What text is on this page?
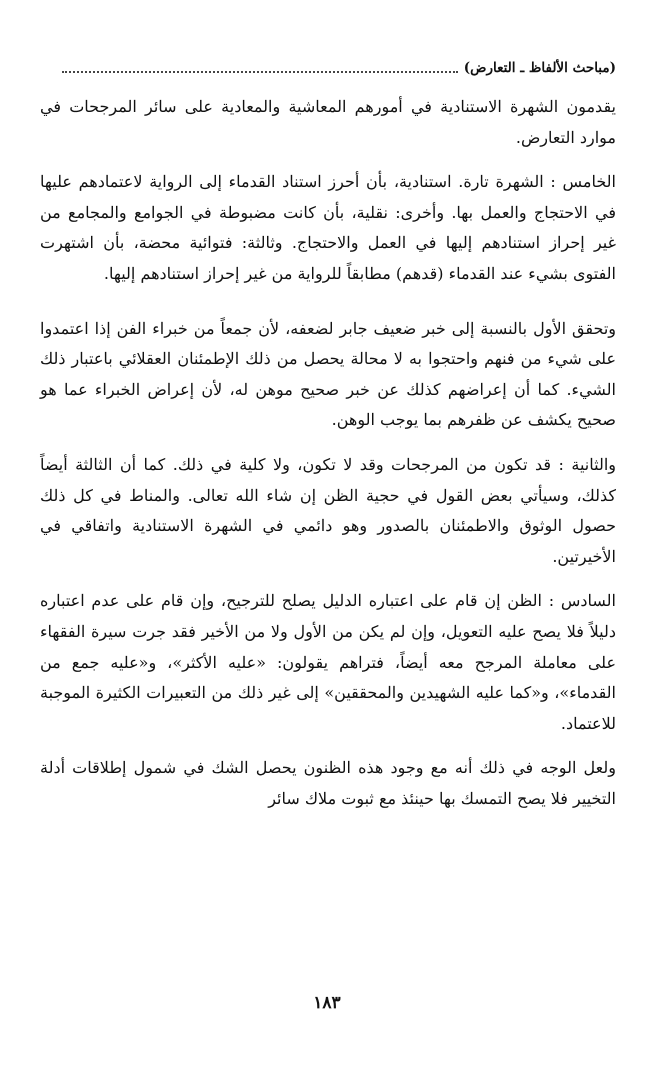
(مباحث الألفاظ ـ التعارض)

يقدمون الشهرة الاستنادية في أمورهم المعاشية والمعادية على سائر المرجحات في موارد التعارض.

الخامس : الشهرة تارة. استنادية، بأن أحرز استناد القدماء إلى الرواية لاعتمادهم عليها في الاحتجاج والعمل بها. وأخرى: نقلية، بأن كانت مضبوطة في الجوامع والمجامع من غير إحراز استنادهم إليها في العمل والاحتجاج. وثالثة: فتوائية محضة، بأن اشتهرت الفتوى بشيء عند القدماء (قدهم) مطابقاً للرواية من غير إحراز استنادهم إليها.

وتحقق الأول بالنسبة إلى خبر ضعيف جابر لضعفه، لأن جمعاً من خبراء الفن إذا اعتمدوا على شيء من فنهم واحتجوا به لا محالة يحصل من ذلك الإطمئنان العقلائي باعتبار ذلك الشيء. كما أن إعراضهم كذلك عن خبر صحيح موهن له، لأن إعراض الخبراء عما هو صحيح يكشف عن ظفرهم بما يوجب الوهن.

والثانية : قد تكون من المرجحات وقد لا تكون، ولا كلية في ذلك. كما أن الثالثة أيضاً كذلك، وسيأتي بعض القول في حجية الظن إن شاء الله تعالى. والمناط في كل ذلك حصول الوثوق والاطمئنان بالصدور وهو دائمي في الشهرة الاستنادية واتفاقي في الأخيرتين.

السادس : الظن إن قام على اعتباره الدليل يصلح للترجيح، وإن قام على عدم اعتباره دليلاً فلا يصح عليه التعويل، وإن لم يكن من الأول ولا من الأخير فقد جرت سيرة الفقهاء على معاملة المرجح معه أيضاً، فتراهم يقولون: «عليه الأكثر»، و«عليه جمع من القدماء»، و«كما عليه الشهيدين والمحققين» إلى غير ذلك من التعبيرات الكثيرة الموجبة للاعتماد.

ولعل الوجه في ذلك أنه مع وجود هذه الظنون يحصل الشك في شمول إطلاقات أدلة التخيير فلا يصح التمسك بها حينئذ مع ثبوت ملاك سائر

١٨٣
